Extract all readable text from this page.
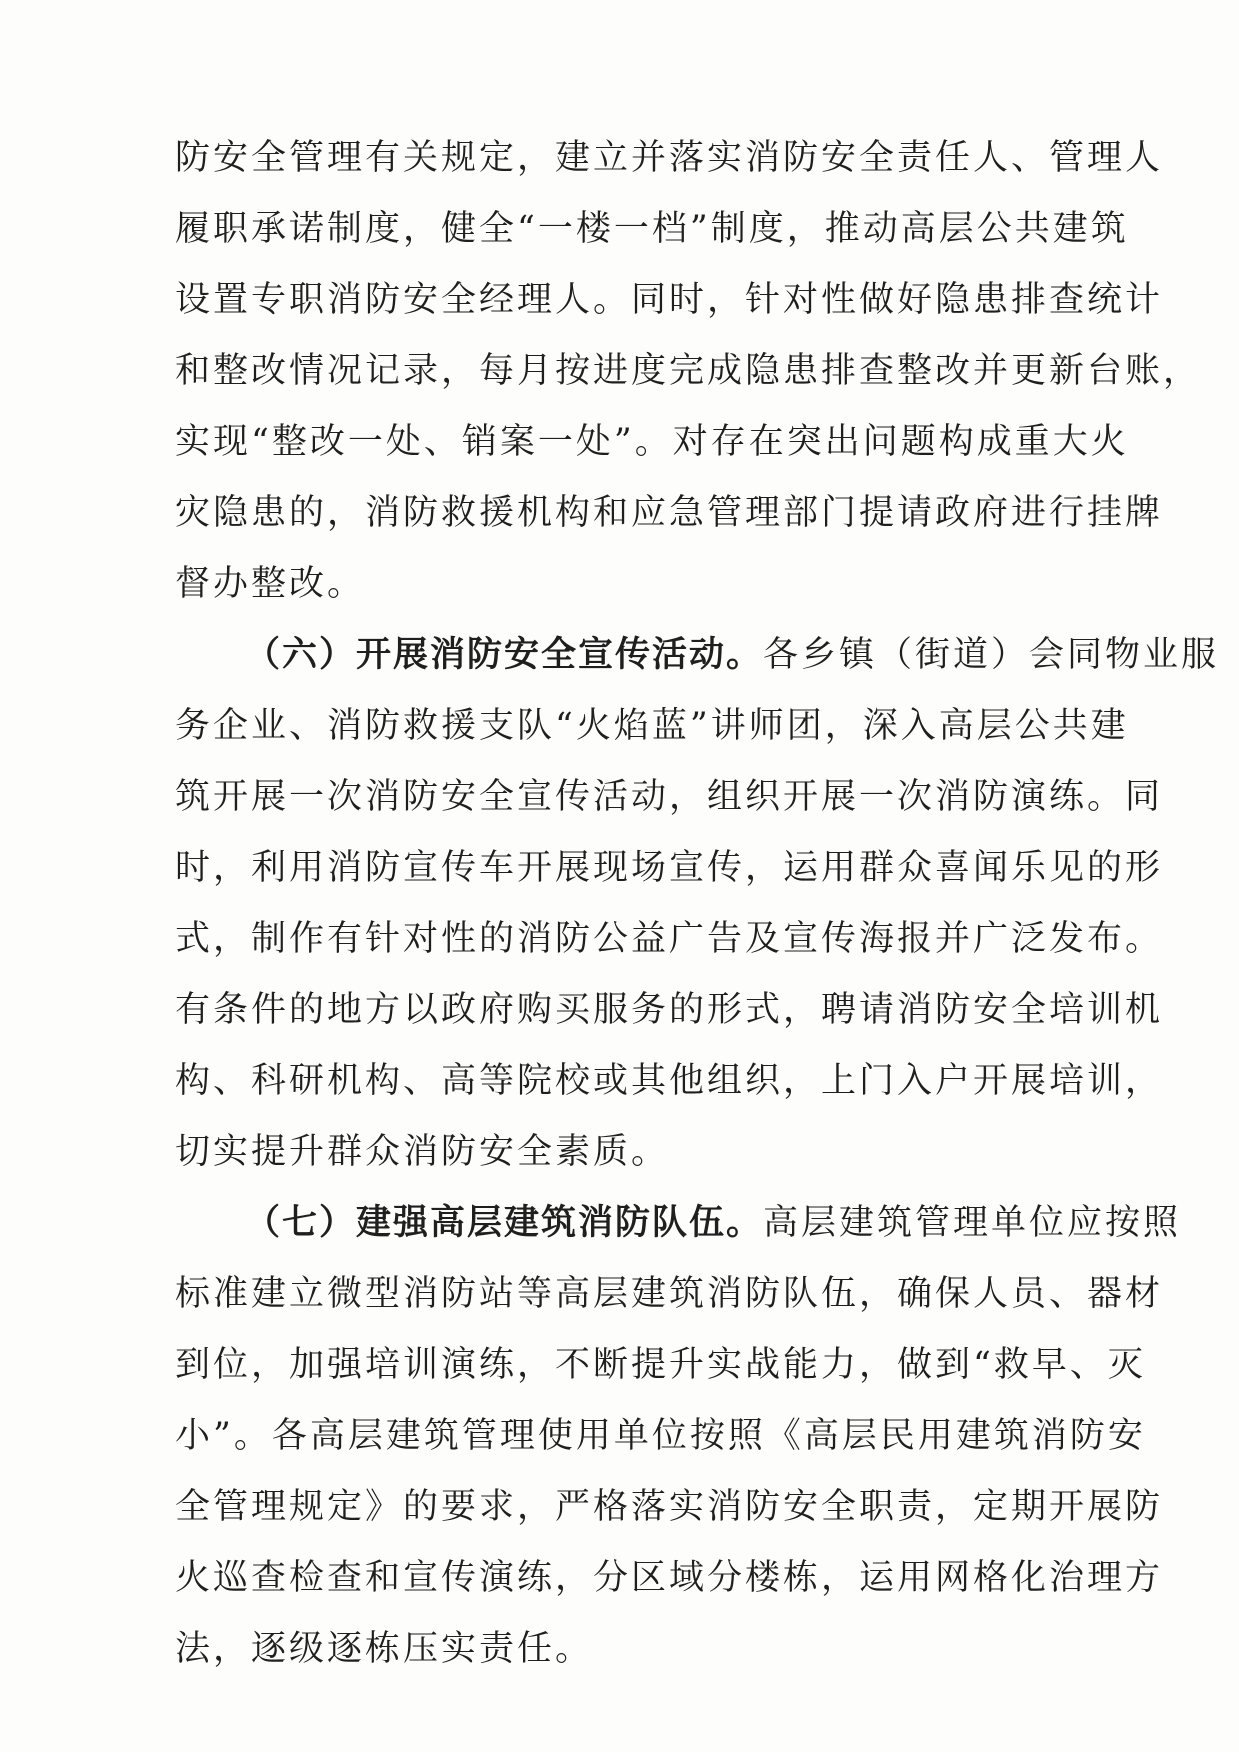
防安全管理有关规定，建立并落实消防安全责任人、管理人
履职承诺制度，健全“一楼一档”制度，推动高层公共建筑
设置专职消防安全经理人。同时，针对性做好隐患排查统计
和整改情况记录，每月按进度完成隐患排查整改并更新台账，
实现“整改一处、销案一处”。对存在突出问题构成重大火
灾隐患的，消防救援机构和应急管理部门提请政府进行挂牌
督办整改。
（六）开展消防安全宣传活动。各乡镇（街道）会同物业服
务企业、消防救援支队“火焰蓝”讲师团，深入高层公共建
筑开展一次消防安全宣传活动，组织开展一次消防演练。同
时，利用消防宣传车开展现场宣传，运用群众喜闻乐见的形
式，制作有针对性的消防公益广告及宣传海报并广泛发布。
有条件的地方以政府购买服务的形式，聘请消防安全培训机
构、科研机构、高等院校或其他组织，上门入户开展培训，
切实提升群众消防安全素质。
（七）建强高层建筑消防队伍。高层建筑管理单位应按照
标准建立微型消防站等高层建筑消防队伍，确保人员、器材
到位，加强培训演练，不断提升实战能力，做到“救早、灭
小”。各高层建筑管理使用单位按照《高层民用建筑消防安
全管理规定》的要求，严格落实消防安全职责，定期开展防
火巡查检查和宣传演练，分区域分楼栋，运用网格化治理方
法，逐级逐栋压实责任。
